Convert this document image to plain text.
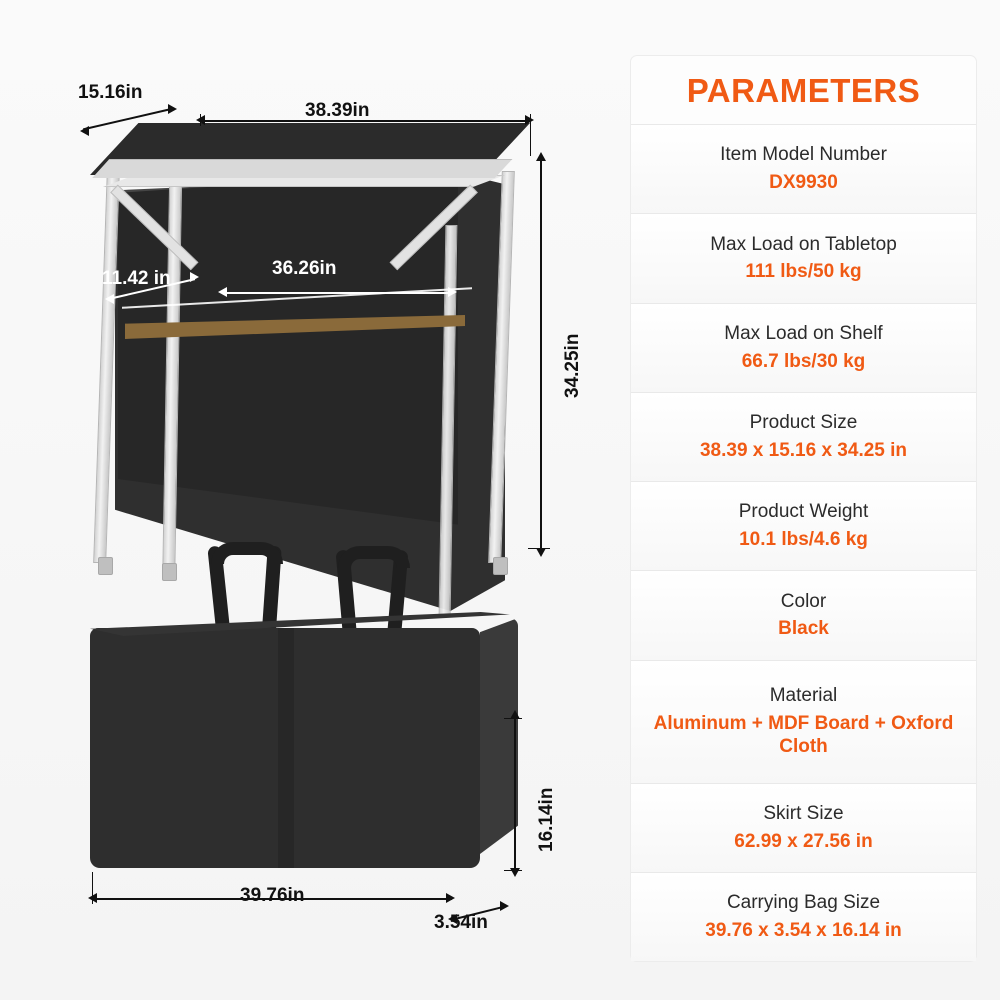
15.16in
38.39in
11.42 in	36.26in
34.25in
16.14in
39.76in
3.54in
PARAMETERS
Item Model Number
DX9930
Max Load on Tabletop
111 lbs/50 kg
Max Load on Shelf
66.7 lbs/30 kg
Product Size
38.39 x 15.16 x 34.25 in
Product Weight
10.1 lbs/4.6 kg
Color
Black
Material
Aluminum + MDF Board + Oxford Cloth
Skirt Size
62.99 x 27.56 in
Carrying Bag Size
39.76 x 3.54 x 16.14 in
